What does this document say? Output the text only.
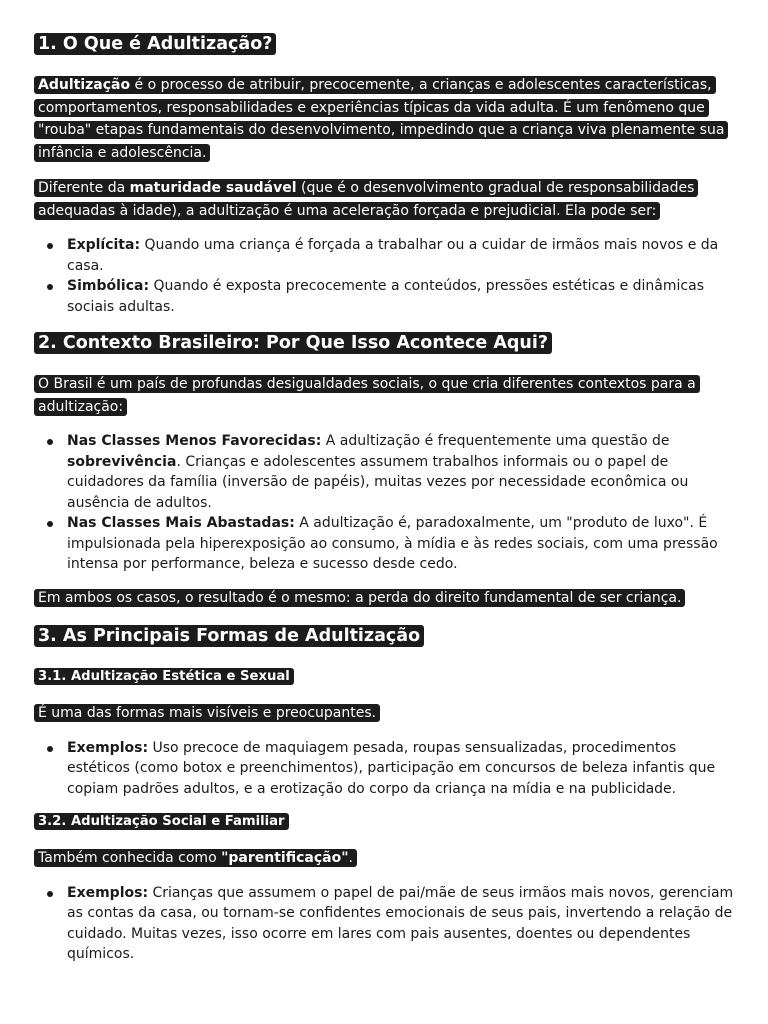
1. O Que é Adultização?

Adultização é o processo de atribuir, precocemente, a crianças e adolescentes características, comportamentos, responsabilidades e experiências típicas da vida adulta. É um fenômeno que "rouba" etapas fundamentais do desenvolvimento, impedindo que a criança viva plenamente sua infância e adolescência.

Diferente da maturidade saudável (que é o desenvolvimento gradual de responsabilidades adequadas à idade), a adultização é uma aceleração forçada e prejudicial. Ela pode ser:

Explícita: Quando uma criança é forçada a trabalhar ou a cuidar de irmãos mais novos e da casa.
Simbólica: Quando é exposta precocemente a conteúdos, pressões estéticas e dinâmicas sociais adultas.
2. Contexto Brasileiro: Por Que Isso Acontece Aqui?

O Brasil é um país de profundas desigualdades sociais, o que cria diferentes contextos para a adultização:

Nas Classes Menos Favorecidas: A adultização é frequentemente uma questão de sobrevivência. Crianças e adolescentes assumem trabalhos informais ou o papel de cuidadores da família (inversão de papéis), muitas vezes por necessidade econômica ou ausência de adultos.
Nas Classes Mais Abastadas: A adultização é, paradoxalmente, um "produto de luxo". É impulsionada pela hiperexposição ao consumo, à mídia e às redes sociais, com uma pressão intensa por performance, beleza e sucesso desde cedo.

Em ambos os casos, o resultado é o mesmo: a perda do direito fundamental de ser criança.

3. As Principais Formas de Adultização
3.1. Adultização Estética e Sexual

É uma das formas mais visíveis e preocupantes.

Exemplos: Uso precoce de maquiagem pesada, roupas sensualizadas, procedimentos estéticos (como botox e preenchimentos), participação em concursos de beleza infantis que copiam padrões adultos, e a erotização do corpo da criança na mídia e na publicidade.
3.2. Adultização Social e Familiar

Também conhecida como "parentificação".

Exemplos: Crianças que assumem o papel de pai/mãe de seus irmãos mais novos, gerenciam as contas da casa, ou tornam-se confidentes emocionais de seus pais, invertendo a relação de cuidado. Muitas vezes, isso ocorre em lares com pais ausentes, doentes ou dependentes químicos.
